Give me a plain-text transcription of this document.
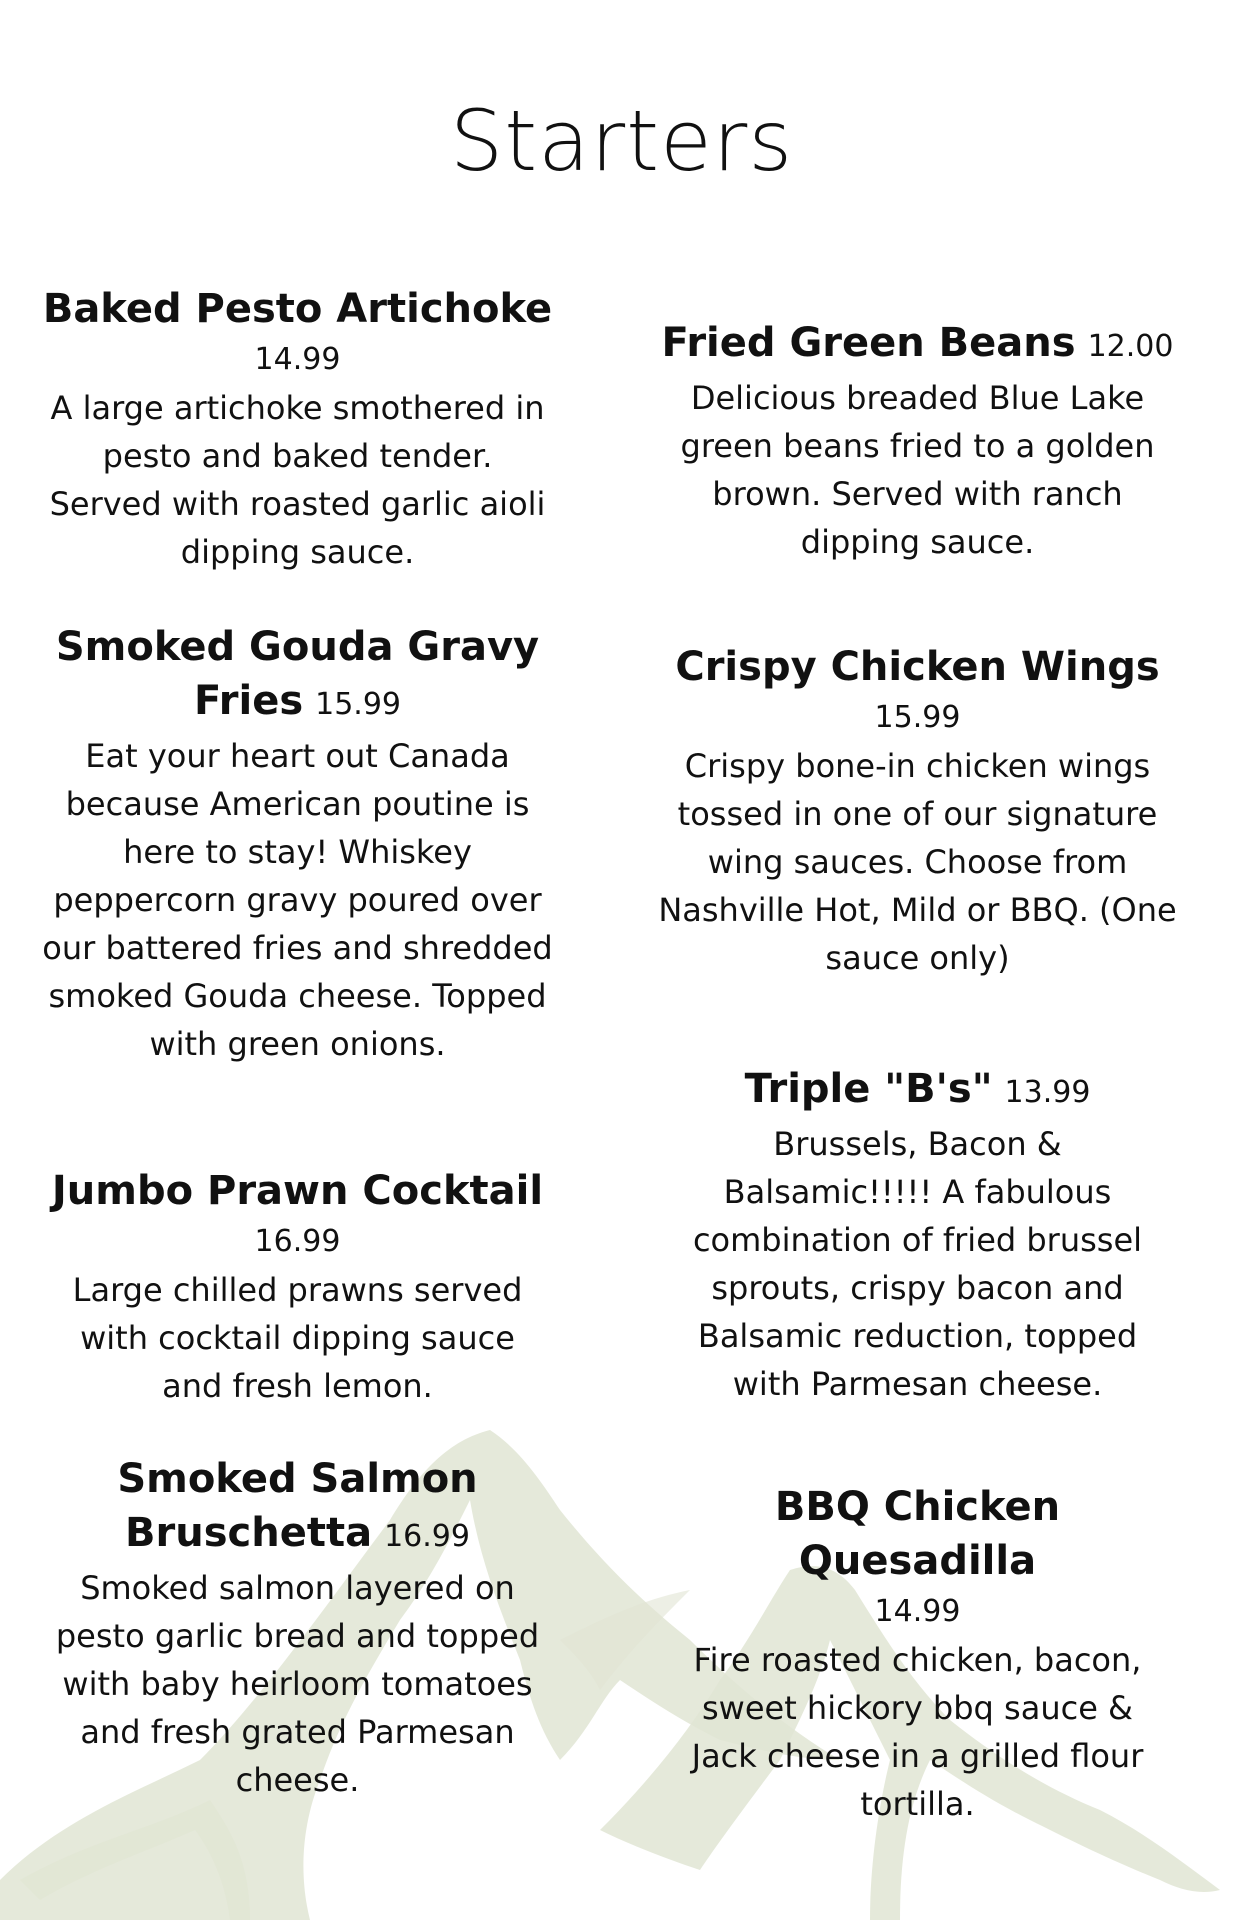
Starters
Baked Pesto Artichoke
14.99
A large artichoke smothered in pesto and baked tender. Served with roasted garlic aioli dipping sauce.
Smoked Gouda Gravy
Fries 15.99
Eat your heart out Canada because American poutine is here to stay! Whiskey peppercorn gravy poured over our battered fries and shredded smoked Gouda cheese. Topped with green onions.
Jumbo Prawn Cocktail
16.99
Large chilled prawns served with cocktail dipping sauce and fresh lemon.
Smoked Salmon
Bruschetta 16.99
Smoked salmon layered on pesto garlic bread and topped with baby heirloom tomatoes and fresh grated Parmesan cheese.
Fried Green Beans 12.00
Delicious breaded Blue Lake green beans fried to a golden brown. Served with ranch dipping sauce.
Crispy Chicken Wings
15.99
Crispy bone-in chicken wings tossed in one of our signature wing sauces. Choose from Nashville Hot, Mild or BBQ. (One sauce only)
Triple "B's" 13.99
Brussels, Bacon & Balsamic!!!!! A fabulous combination of fried brussel sprouts, crispy bacon and Balsamic reduction, topped with Parmesan cheese.
BBQ Chicken Quesadilla
14.99
Fire roasted chicken, bacon, sweet hickory bbq sauce & Jack cheese in a grilled flour tortilla.
